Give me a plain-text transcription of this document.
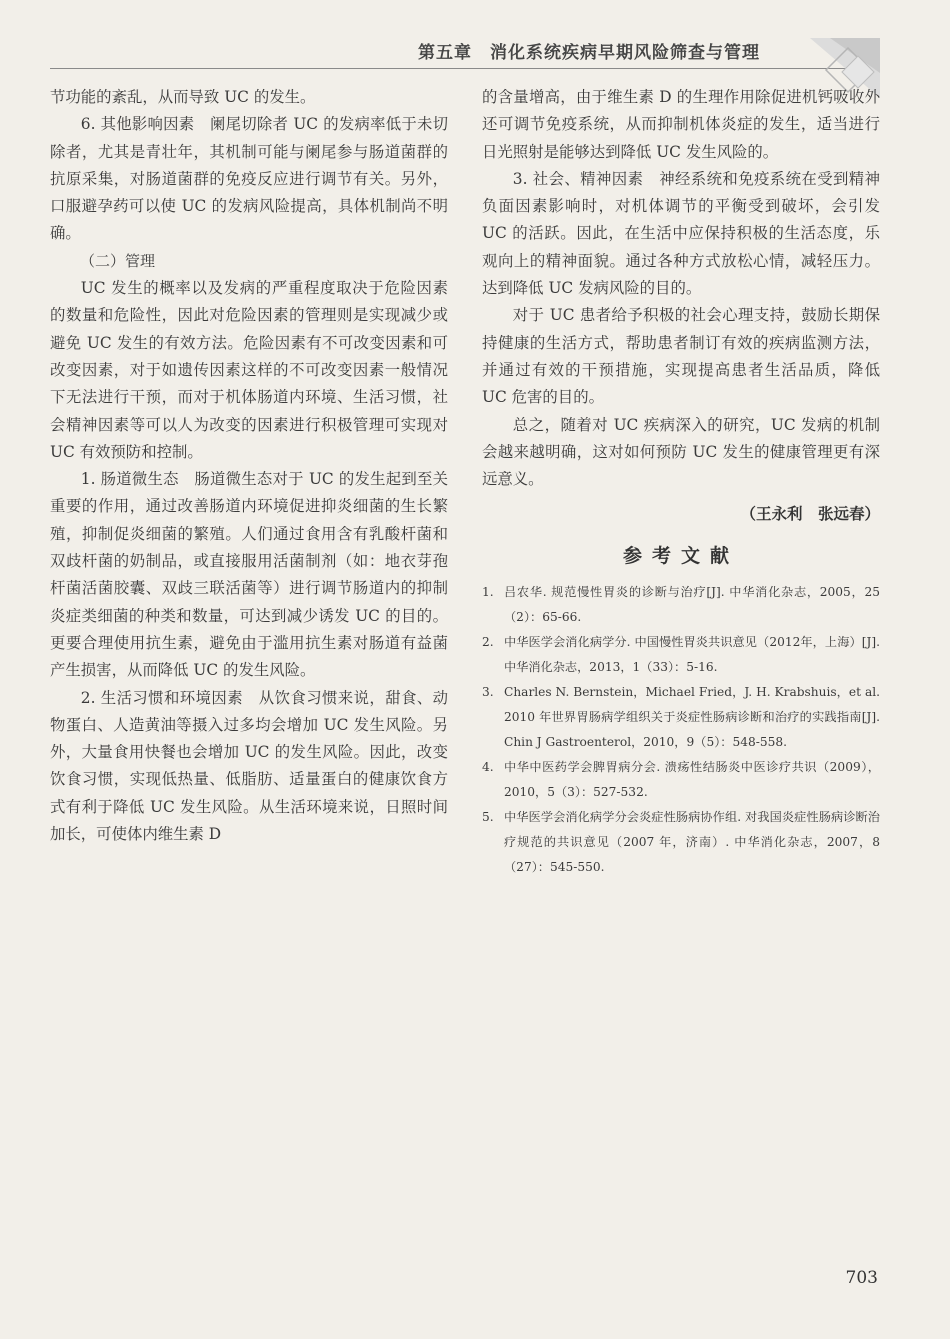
第五章　消化系统疾病早期风险筛查与管理

节功能的紊乱，从而导致 UC 的发生。

6. 其他影响因素　阑尾切除者 UC 的发病率低于未切除者，尤其是青壮年，其机制可能与阑尾参与肠道菌群的抗原采集，对肠道菌群的免疫反应进行调节有关。另外，口服避孕药可以使 UC 的发病风险提高，具体机制尚不明确。

（二）管理

UC 发生的概率以及发病的严重程度取决于危险因素的数量和危险性，因此对危险因素的管理则是实现减少或避免 UC 发生的有效方法。危险因素有不可改变因素和可改变因素，对于如遗传因素这样的不可改变因素一般情况下无法进行干预，而对于机体肠道内环境、生活习惯，社会精神因素等可以人为改变的因素进行积极管理可实现对 UC 有效预防和控制。

1. 肠道微生态　肠道微生态对于 UC 的发生起到至关重要的作用，通过改善肠道内环境促进抑炎细菌的生长繁殖，抑制促炎细菌的繁殖。人们通过食用含有乳酸杆菌和双歧杆菌的奶制品，或直接服用活菌制剂（如：地衣芽孢杆菌活菌胶囊、双歧三联活菌等）进行调节肠道内的抑制炎症类细菌的种类和数量，可达到减少诱发 UC 的目的。更要合理使用抗生素，避免由于滥用抗生素对肠道有益菌产生损害，从而降低 UC 的发生风险。

2. 生活习惯和环境因素　从饮食习惯来说，甜食、动物蛋白、人造黄油等摄入过多均会增加 UC 发生风险。另外，大量食用快餐也会增加 UC 的发生风险。因此，改变饮食习惯，实现低热量、低脂肪、适量蛋白的健康饮食方式有利于降低 UC 发生风险。从生活环境来说，日照时间加长，可使体内维生素 D

的含量增高，由于维生素 D 的生理作用除促进机钙吸收外还可调节免疫系统，从而抑制机体炎症的发生，适当进行日光照射是能够达到降低 UC 发生风险的。

3. 社会、精神因素　神经系统和免疫系统在受到精神负面因素影响时，对机体调节的平衡受到破坏，会引发 UC 的活跃。因此，在生活中应保持积极的生活态度，乐观向上的精神面貌。通过各种方式放松心情，减轻压力。达到降低 UC 发病风险的目的。

对于 UC 患者给予积极的社会心理支持，鼓励长期保持健康的生活方式，帮助患者制订有效的疾病监测方法，并通过有效的干预措施，实现提高患者生活品质，降低 UC 危害的目的。

总之，随着对 UC 疾病深入的研究，UC 发病的机制会越来越明确，这对如何预防 UC 发生的健康管理更有深远意义。

（王永利　张远春）
参考文献
1. 吕农华. 规范慢性胃炎的诊断与治疗[J]. 中华消化杂志，2005，25（2）：65-66.
2. 中华医学会消化病学分. 中国慢性胃炎共识意见（2012年，上海）[J]. 中华消化杂志，2013，1（33）：5-16.
3. Charles N. Bernstein，Michael Fried，J. H. Krabshuis，et al. 2010 年世界胃肠病学组织关于炎症性肠病诊断和治疗的实践指南[J]. Chin J Gastroenterol，2010，9（5）：548-558.
4. 中华中医药学会脾胃病分会. 溃疡性结肠炎中医诊疗共识（2009），2010，5（3）：527-532.
5. 中华医学会消化病学分会炎症性肠病协作组. 对我国炎症性肠病诊断治疗规范的共识意见（2007 年，济南）. 中华消化杂志，2007，8（27）：545-550.
703
